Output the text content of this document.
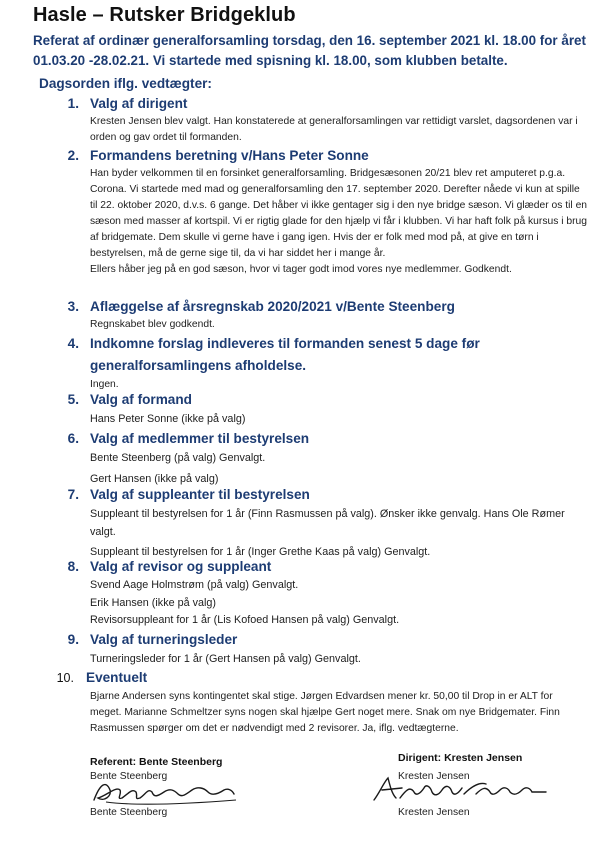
Hasle – Rutsker Bridgeklub
Referat af ordinær generalforsamling torsdag, den 16. september 2021 kl. 18.00 for året 01.03.20 -28.02.21. Vi startede med spisning kl. 18.00, som klubben betalte.
Dagsorden iflg. vedtægter:
1. Valg af dirigent

Kresten Jensen blev valgt. Han konstaterede at generalforsamlingen var rettidigt varslet, dagsordenen var i orden og gav ordet til formanden.

2. Formandens beretning v/Hans Peter Sonne

Han byder velkommen til en forsinket generalforsamling. Bridgesæsonen 20/21 blev ret amputeret p.g.a. Corona. Vi startede med mad og generalforsamling den 17. september 2020. Derefter nåede vi kun at spille til 22. oktober 2020, d.v.s. 6 gange. Det håber vi ikke gentager sig i den nye bridge sæson. Vi glæder os til en sæson med masser af kortspil. Vi er rigtig glade for den hjælp vi får i klubben. Vi har haft folk på kursus i brug af bridgemate. Dem skulle vi gerne have i gang igen. Hvis der er folk med mod på, at give en tørn i bestyrelsen, må de gerne sige til, da vi har siddet her i mange år.

Ellers håber jeg på en god sæson, hvor vi tager godt imod vores nye medlemmer. Godkendt.

3. Aflæggelse af årsregnskab 2020/2021 v/Bente Steenberg

Regnskabet blev godkendt.

4. Indkomne forslag indleveres til formanden senest 5 dage før generalforsamlingens afholdelse.

Ingen.

5. Valg af formand

Hans Peter Sonne (ikke på valg)

6. Valg af medlemmer til bestyrelsen

Bente Steenberg (på valg) Genvalgt.

Gert Hansen (ikke på valg)

7. Valg af suppleanter til bestyrelsen

Suppleant til bestyrelsen for 1 år (Finn Rasmussen på valg). Ønsker ikke genvalg. Hans Ole Rømer valgt.

Suppleant til bestyrelsen for 1 år (Inger Grethe Kaas på valg) Genvalgt.

8. Valg af revisor og suppleant

Svend Aage Holmstrøm (på valg) Genvalgt.

Erik Hansen (ikke på valg)

Revisorsuppleant for 1 år (Lis Kofoed Hansen på valg) Genvalgt.

9. Valg af turneringsleder

Turneringsleder for 1 år (Gert Hansen på valg) Genvalgt.

10. Eventuelt

Bjarne Andersen syns kontingentet skal stige. Jørgen Edvardsen mener kr. 50,00 til Drop in er ALT for meget. Marianne Schmeltzer syns nogen skal hjælpe Gert noget mere. Snak om nye Bridgemater. Finn Rasmussen spørger om det er nødvendigt med 2 revisorer. Ja, iflg. vedtægterne.

Referent: Bente Steenberg
Bente Steenberg
Bente Steenberg
Dirigent: Kresten Jensen
Kresten Jensen
Kresten Jensen
